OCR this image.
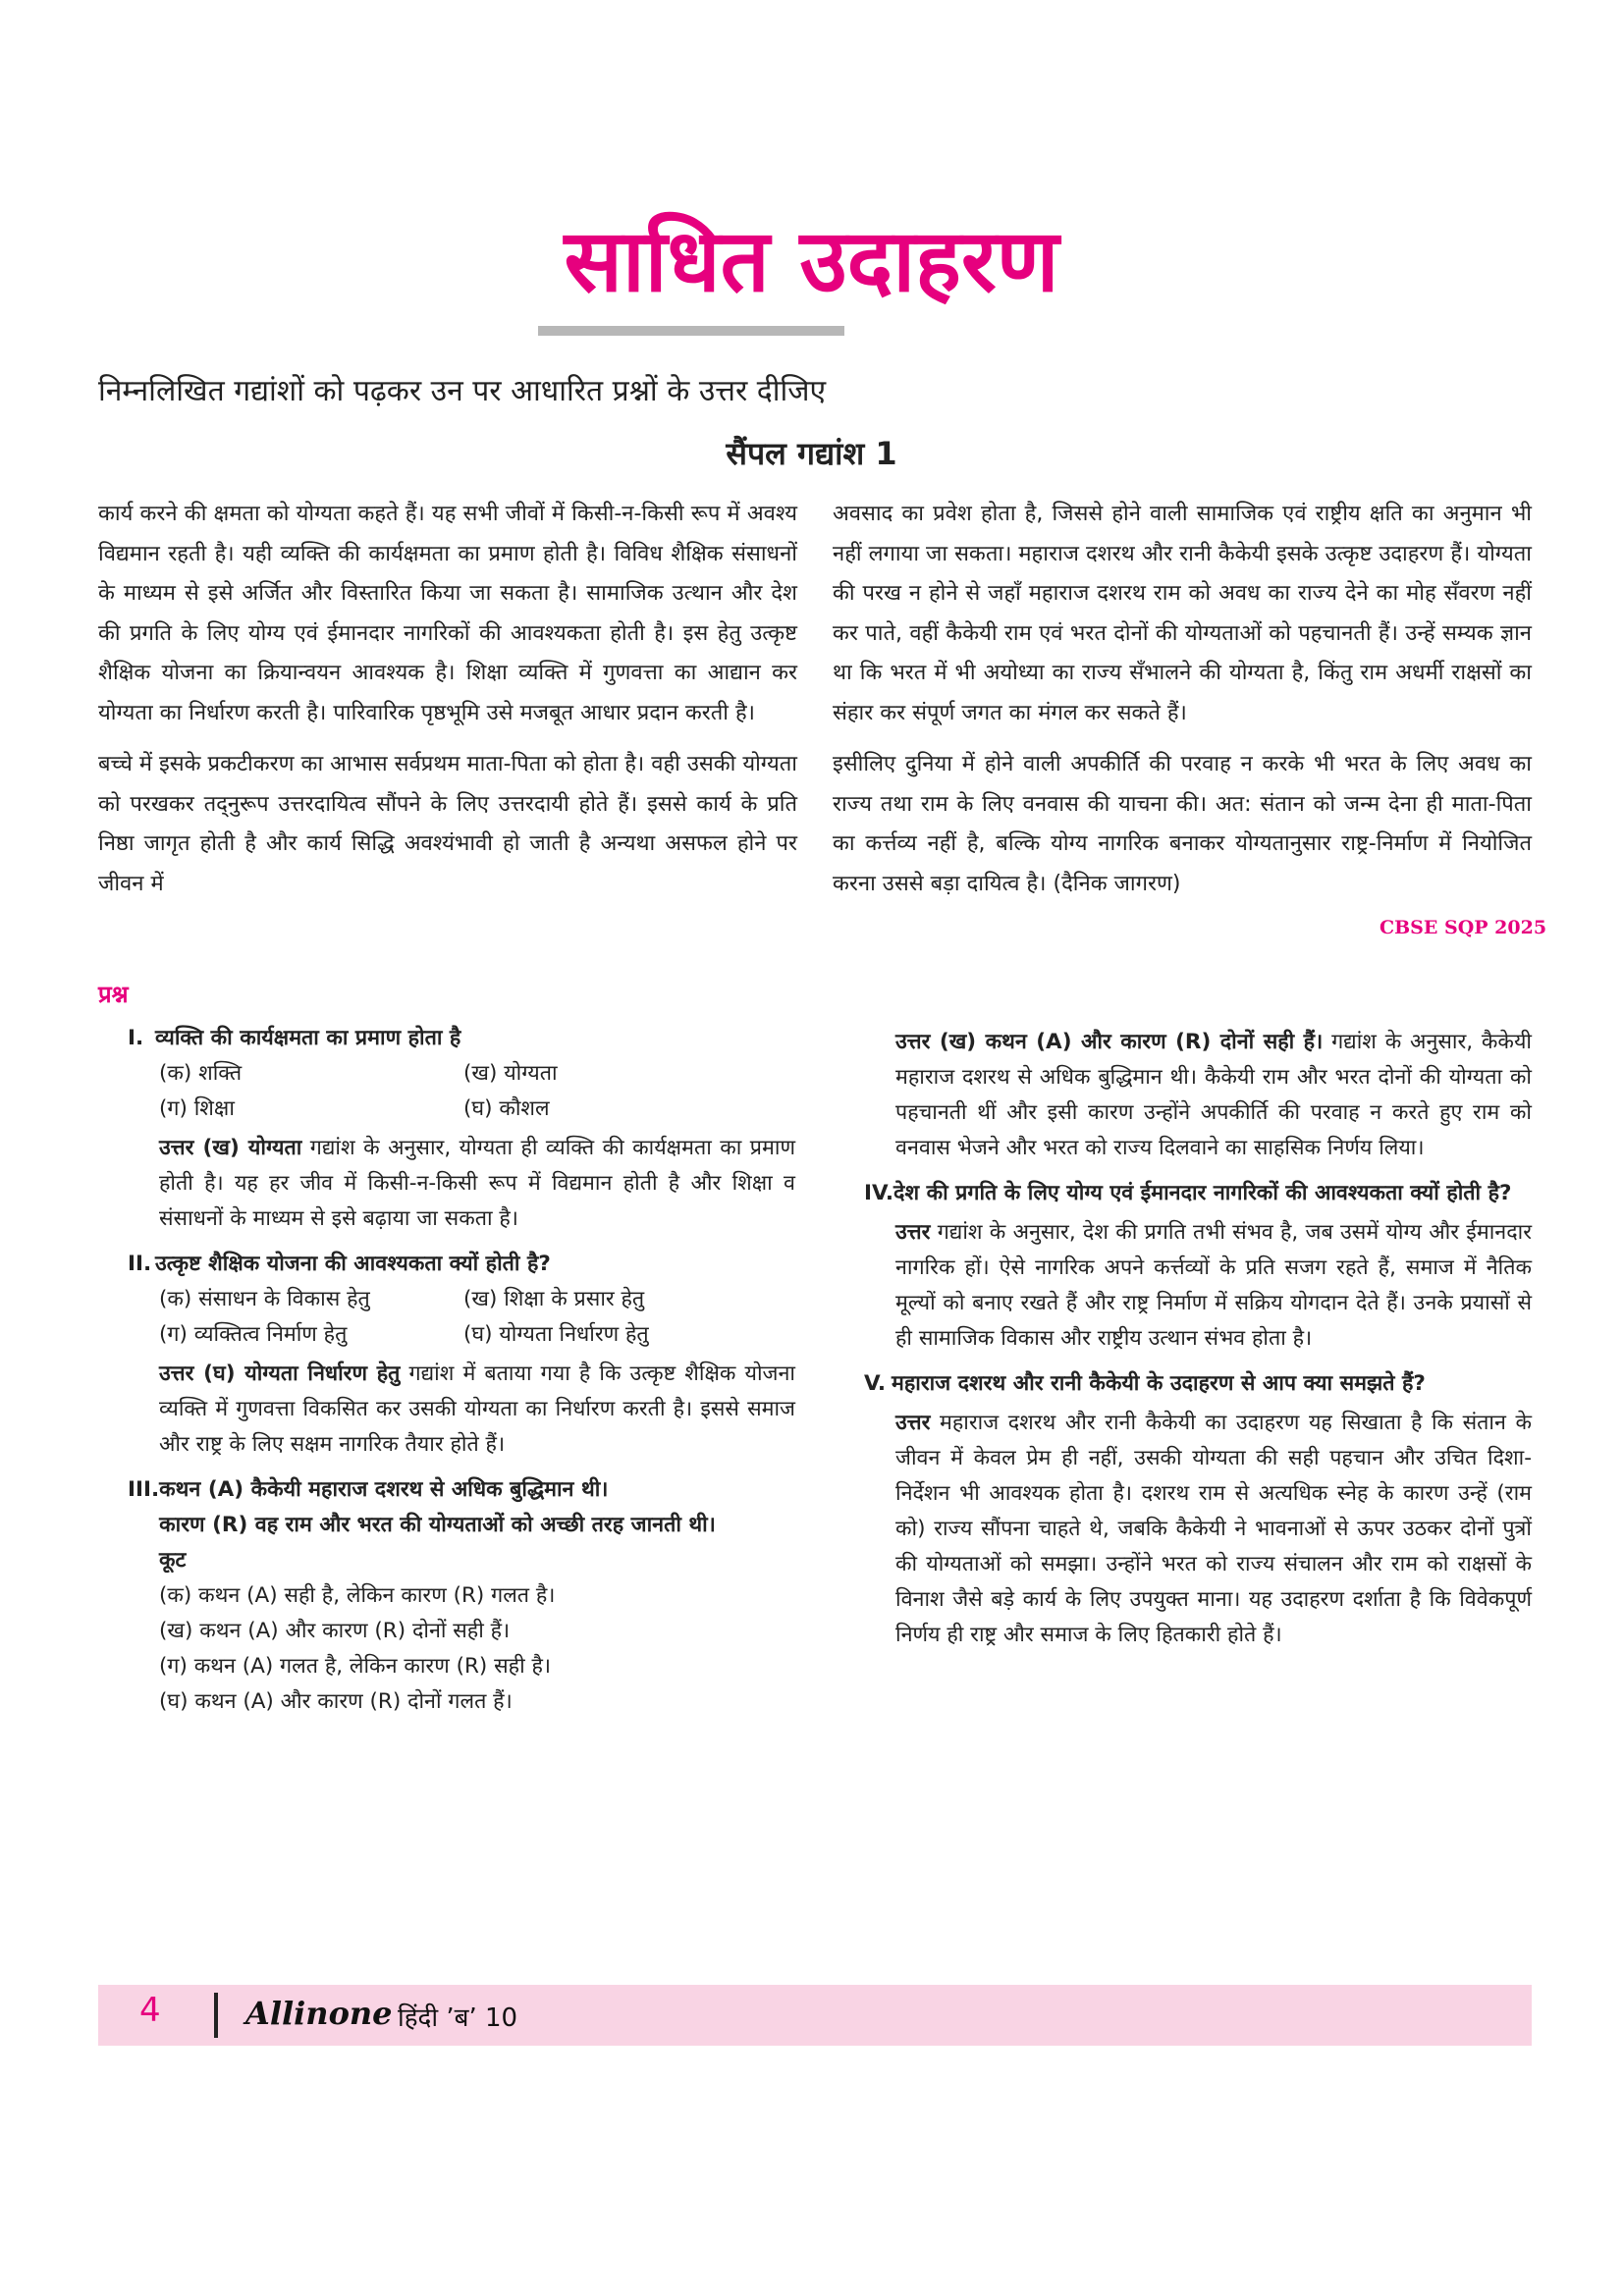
साधित उदाहरण

निम्नलिखित गद्यांशों को पढ़कर उन पर आधारित प्रश्नों के उत्तर दीजिए

सैंपल गद्यांश 1

कार्य करने की क्षमता को योग्यता कहते हैं। यह सभी जीवों में किसी-न-किसी रूप में अवश्य विद्यमान रहती है। यही व्यक्ति की कार्यक्षमता का प्रमाण होती है। विविध शैक्षिक संसाधनों के माध्यम से इसे अर्जित और विस्तारित किया जा सकता है। सामाजिक उत्थान और देश की प्रगति के लिए योग्य एवं ईमानदार नागरिकों की आवश्यकता होती है। इस हेतु उत्कृष्ट शैक्षिक योजना का क्रियान्वयन आवश्यक है। शिक्षा व्यक्ति में गुणवत्ता का आद्यान कर योग्यता का निर्धारण करती है। पारिवारिक पृष्ठभूमि उसे मजबूत आधार प्रदान करती है।

बच्चे में इसके प्रकटीकरण का आभास सर्वप्रथम माता-पिता को होता है। वही उसकी योग्यता को परखकर तद्नुरूप उत्तरदायित्व सौंपने के लिए उत्तरदायी होते हैं। इससे कार्य के प्रति निष्ठा जागृत होती है और कार्य सिद्धि अवश्यंभावी हो जाती है अन्यथा असफल होने पर जीवन में

अवसाद का प्रवेश होता है, जिससे होने वाली सामाजिक एवं राष्ट्रीय क्षति का अनुमान भी नहीं लगाया जा सकता। महाराज दशरथ और रानी कैकेयी इसके उत्कृष्ट उदाहरण हैं। योग्यता की परख न होने से जहाँ महाराज दशरथ राम को अवध का राज्य देने का मोह सँवरण नहीं कर पाते, वहीं कैकेयी राम एवं भरत दोनों की योग्यताओं को पहचानती हैं। उन्हें सम्यक ज्ञान था कि भरत में भी अयोध्या का राज्य सँभालने की योग्यता है, किंतु राम अधर्मी राक्षसों का संहार कर संपूर्ण जगत का मंगल कर सकते हैं।

इसीलिए दुनिया में होने वाली अपकीर्ति की परवाह न करके भी भरत के लिए अवध का राज्य तथा राम के लिए वनवास की याचना की। अत: संतान को जन्म देना ही माता-पिता का कर्त्तव्य नहीं है, बल्कि योग्य नागरिक बनाकर योग्यतानुसार राष्ट्र-निर्माण में नियोजित करना उससे बड़ा दायित्व है। (दैनिक जागरण)

CBSE SQP 2025
प्रश्न

I. व्यक्ति की कार्यक्षमता का प्रमाण होता है

(क) शक्ति	(ख) योग्यता
(ग) शिक्षा	(घ) कौशल
उत्तर (ख) योग्यता गद्यांश के अनुसार, योग्यता ही व्यक्ति की कार्यक्षमता का प्रमाण होती है। यह हर जीव में किसी-न-किसी रूप में विद्यमान होती है और शिक्षा व संसाधनों के माध्यम से इसे बढ़ाया जा सकता है।

II. उत्कृष्ट शैक्षिक योजना की आवश्यकता क्यों होती है?

(क) संसाधन के विकास हेतु	(ख) शिक्षा के प्रसार हेतु
(ग) व्यक्तित्व निर्माण हेतु	(घ) योग्यता निर्धारण हेतु
उत्तर (घ) योग्यता निर्धारण हेतु गद्यांश में बताया गया है कि उत्कृष्ट शैक्षिक योजना व्यक्ति में गुणवत्ता विकसित कर उसकी योग्यता का निर्धारण करती है। इससे समाज और राष्ट्र के लिए सक्षम नागरिक तैयार होते हैं।

III. कथन (A) कैकेयी महाराज दशरथ से अधिक बुद्धिमान थी।
कारण (R) वह राम और भरत की योग्यताओं को अच्छी तरह जानती थी।

कूट
(क) कथन (A) सही है, लेकिन कारण (R) गलत है।
(ख) कथन (A) और कारण (R) दोनों सही हैं।
(ग) कथन (A) गलत है, लेकिन कारण (R) सही है।
(घ) कथन (A) और कारण (R) दोनों गलत हैं।
उत्तर (ख) कथन (A) और कारण (R) दोनों सही हैं। गद्यांश के अनुसार, कैकेयी महाराज दशरथ से अधिक बुद्धिमान थी। कैकेयी राम और भरत दोनों की योग्यता को पहचानती थीं और इसी कारण उन्होंने अपकीर्ति की परवाह न करते हुए राम को वनवास भेजने और भरत को राज्य दिलवाने का साहसिक निर्णय लिया।

IV. देश की प्रगति के लिए योग्य एवं ईमानदार नागरिकों की आवश्यकता क्यों होती है?

उत्तर गद्यांश के अनुसार, देश की प्रगति तभी संभव है, जब उसमें योग्य और ईमानदार नागरिक हों। ऐसे नागरिक अपने कर्त्तव्यों के प्रति सजग रहते हैं, समाज में नैतिक मूल्यों को बनाए रखते हैं और राष्ट्र निर्माण में सक्रिय योगदान देते हैं। उनके प्रयासों से ही सामाजिक विकास और राष्ट्रीय उत्थान संभव होता है।

V. महाराज दशरथ और रानी कैकेयी के उदाहरण से आप क्या समझते हैं?

उत्तर महाराज दशरथ और रानी कैकेयी का उदाहरण यह सिखाता है कि संतान के जीवन में केवल प्रेम ही नहीं, उसकी योग्यता की सही पहचान और उचित दिशा-निर्देशन भी आवश्यक होता है। दशरथ राम से अत्यधिक स्नेह के कारण उन्हें (राम को) राज्य सौंपना चाहते थे, जबकि कैकेयी ने भावनाओं से ऊपर उठकर दोनों पुत्रों की योग्यताओं को समझा। उन्होंने भरत को राज्य संचालन और राम को राक्षसों के विनाश जैसे बड़े कार्य के लिए उपयुक्त माना। यह उदाहरण दर्शाता है कि विवेकपूर्ण निर्णय ही राष्ट्र और समाज के लिए हितकारी होते हैं।
4	Allinone हिंदी ’ब’ 10
